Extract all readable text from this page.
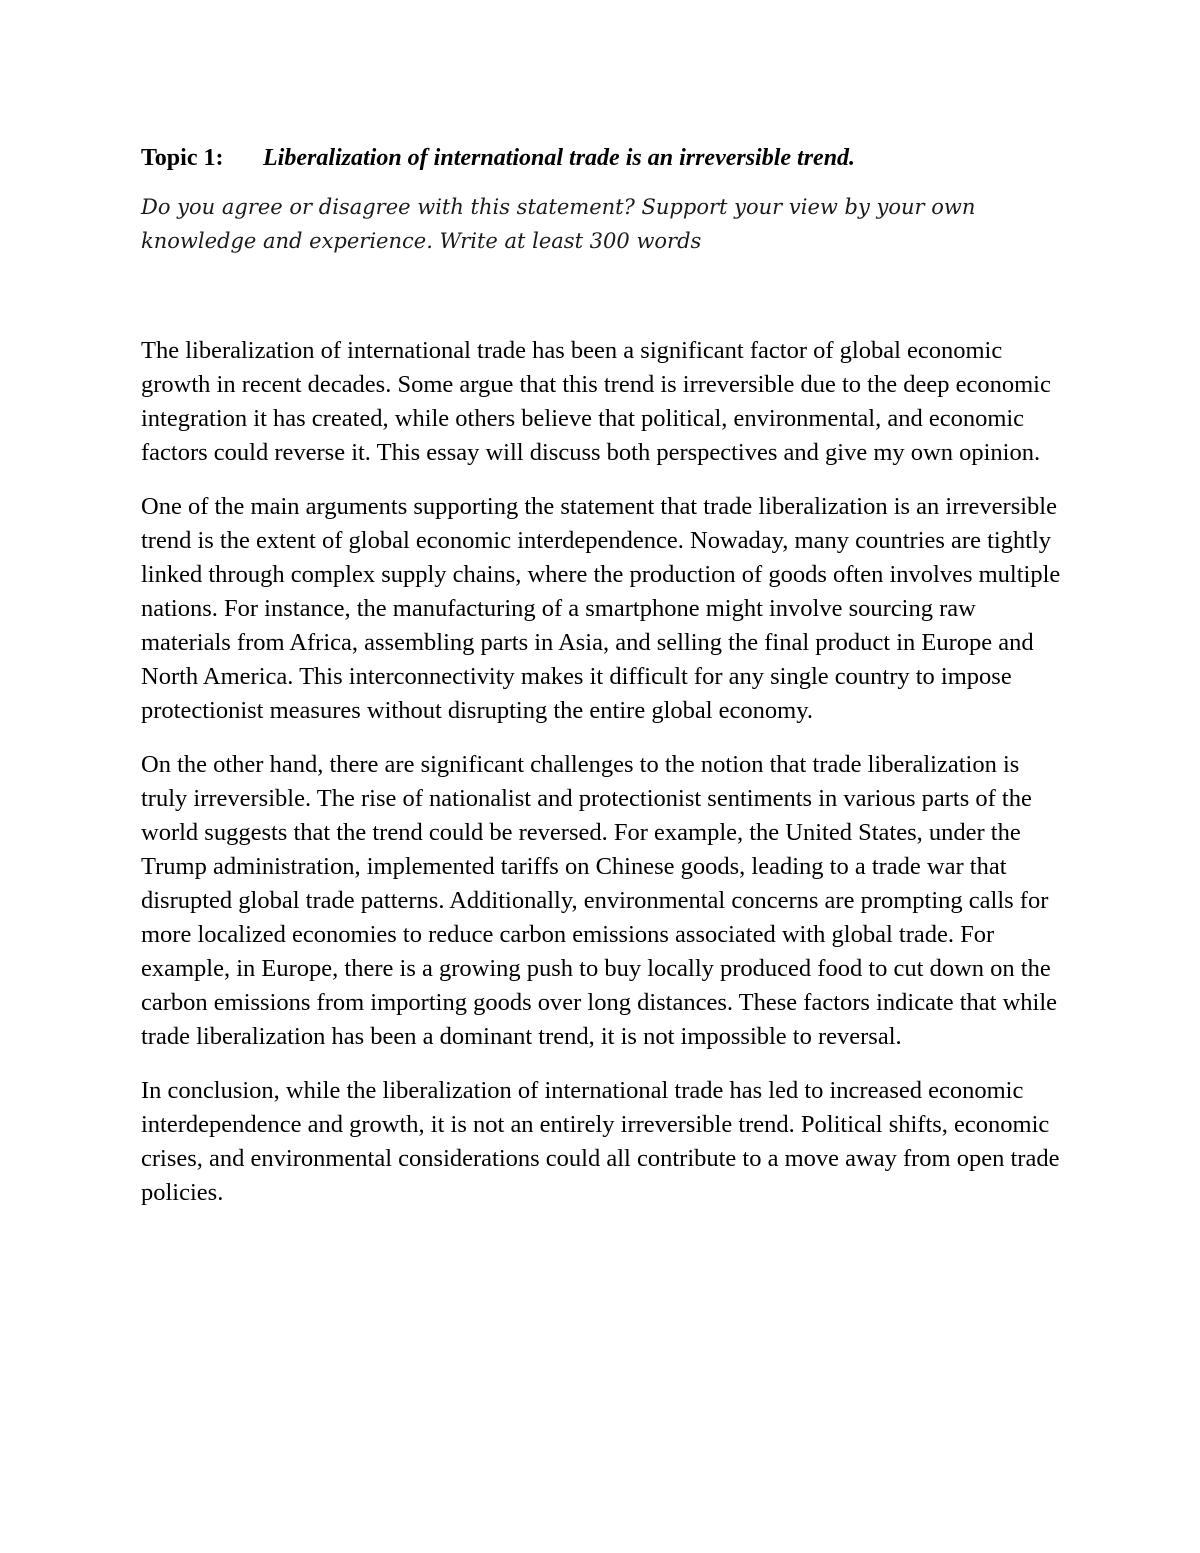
Topic 1: Liberalization of international trade is an irreversible trend.

Do you agree or disagree with this statement? Support your view by your own knowledge and experience. Write at least 300 words

The liberalization of international trade has been a significant factor of global economic growth in recent decades. Some argue that this trend is irreversible due to the deep economic integration it has created, while others believe that political, environmental, and economic factors could reverse it. This essay will discuss both perspectives and give my own opinion.

One of the main arguments supporting the statement that trade liberalization is an irreversible trend is the extent of global economic interdependence. Nowaday, many countries are tightly linked through complex supply chains, where the production of goods often involves multiple nations. For instance, the manufacturing of a smartphone might involve sourcing raw materials from Africa, assembling parts in Asia, and selling the final product in Europe and North America. This interconnectivity makes it difficult for any single country to impose protectionist measures without disrupting the entire global economy.

On the other hand, there are significant challenges to the notion that trade liberalization is truly irreversible. The rise of nationalist and protectionist sentiments in various parts of the world suggests that the trend could be reversed. For example, the United States, under the Trump administration, implemented tariffs on Chinese goods, leading to a trade war that disrupted global trade patterns. Additionally, environmental concerns are prompting calls for more localized economies to reduce carbon emissions associated with global trade. For example, in Europe, there is a growing push to buy locally produced food to cut down on the carbon emissions from importing goods over long distances. These factors indicate that while trade liberalization has been a dominant trend, it is not impossible to reversal.

In conclusion, while the liberalization of international trade has led to increased economic interdependence and growth, it is not an entirely irreversible trend. Political shifts, economic crises, and environmental considerations could all contribute to a move away from open trade policies.
